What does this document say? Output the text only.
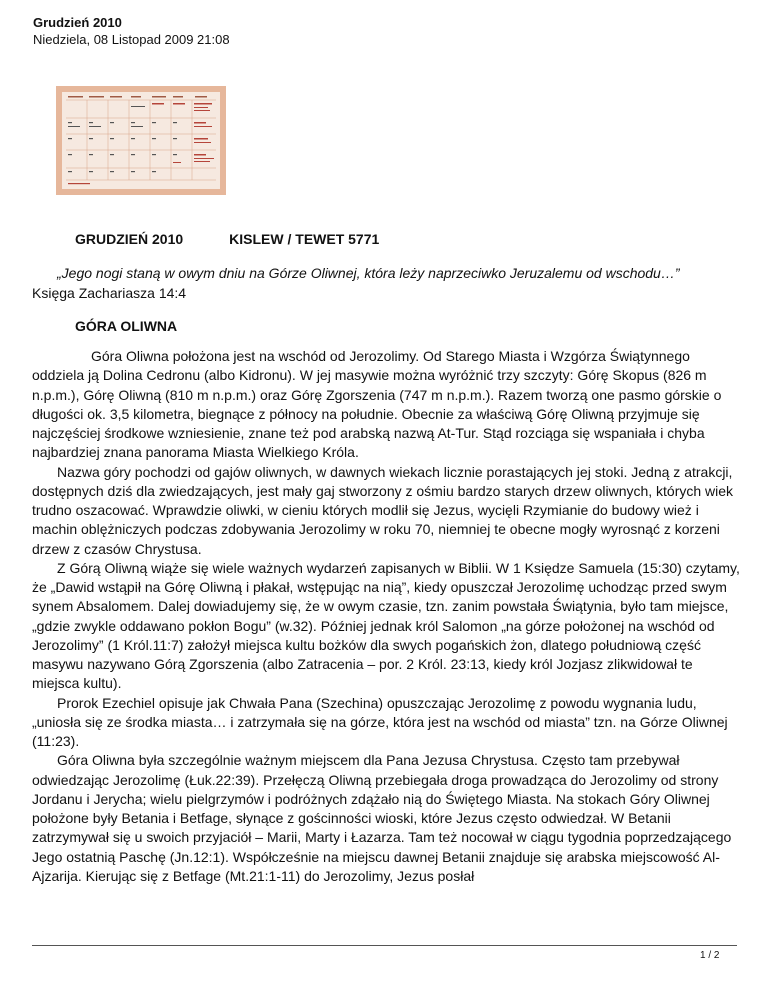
Grudzień 2010
Niedziela, 08 Listopad 2009 21:08
GRUDZIEŃ 2010	KISLEW / TEWET 5771
„Jego nogi staną w owym dniu na Górze Oliwnej, która leży naprzeciwko Jeruzalemu od wschodu…”Księga Zachariasza 14:4
GÓRA OLIWNA

Góra Oliwna położona jest na wschód od Jerozolimy. Od Starego Miasta i Wzgórza Świątynnego oddziela ją Dolina Cedronu (albo Kidronu). W jej masywie można wyróżnić trzy szczyty: Górę Skopus (826 m n.p.m.), Górę Oliwną (810 m n.p.m.) oraz Górę Zgorszenia (747 m n.p.m.). Razem tworzą one pasmo górskie o długości ok. 3,5 kilometra, biegnące z północy na południe. Obecnie za właściwą Górę Oliwną przyjmuje się najczęściej środkowe wzniesienie, znane też pod arabską nazwą At-Tur. Stąd rozciąga się wspaniała i chyba najbardziej znana panorama Miasta Wielkiego Króla.

Nazwa góry pochodzi od gajów oliwnych, w dawnych wiekach licznie porastających jej stoki. Jedną z atrakcji, dostępnych dziś dla zwiedzających, jest mały gaj stworzony z ośmiu bardzo starych drzew oliwnych, których wiek trudno oszacować. Wprawdzie oliwki, w cieniu których modlił się Jezus, wycięli Rzymianie do budowy wież i machin oblężniczych podczas zdobywania Jerozolimy w roku 70, niemniej te obecne mogły wyrosnąć z korzeni drzew z czasów Chrystusa.

Z Górą Oliwną wiąże się wiele ważnych wydarzeń zapisanych w Biblii. W 1 Księdze Samuela (15:30) czytamy, że „Dawid wstąpił na Górę Oliwną i płakał, wstępując na nią”, kiedy opuszczał Jerozolimę uchodząc przed swym synem Absalomem. Dalej dowiadujemy się, że w owym czasie, tzn. zanim powstała Świątynia, było tam miejsce, „gdzie zwykle oddawano pokłon Bogu” (w.32). Później jednak król Salomon „na górze położonej na wschód od Jerozolimy” (1 Król.11:7) założył miejsca kultu bożków dla swych pogańskich żon, dlatego południową część masywu nazywano Górą Zgorszenia (albo Zatracenia – por. 2 Król. 23:13, kiedy król Jozjasz zlikwidował te miejsca kultu).

Prorok Ezechiel opisuje jak Chwała Pana (Szechina) opuszczając Jerozolimę z powodu wygnania ludu, „uniosła się ze środka miasta… i zatrzymała się na górze, która jest na wschód od miasta” tzn. na Górze Oliwnej (11:23).

Góra Oliwna była szczególnie ważnym miejscem dla Pana Jezusa Chrystusa. Często tam przebywał odwiedzając Jerozolimę (Łuk.22:39). Przełęczą Oliwną przebiegała droga prowadząca do Jerozolimy od strony Jordanu i Jerycha; wielu pielgrzymów i podróżnych zdążało nią do Świętego Miasta. Na stokach Góry Oliwnej położone były Betania i Betfage, słynące z gościnności wioski, które Jezus często odwiedzał. W Betanii zatrzymywał się u swoich przyjaciół – Marii, Marty i Łazarza. Tam też nocował w ciągu tygodnia poprzedzającego Jego ostatnią Paschę (Jn.12:1). Współcześnie na miejscu dawnej Betanii znajduje się arabska miejscowość Al-Ajzarija. Kierując się z Betfage (Mt.21:1-11) do Jerozolimy, Jezus posłał

1 / 2
